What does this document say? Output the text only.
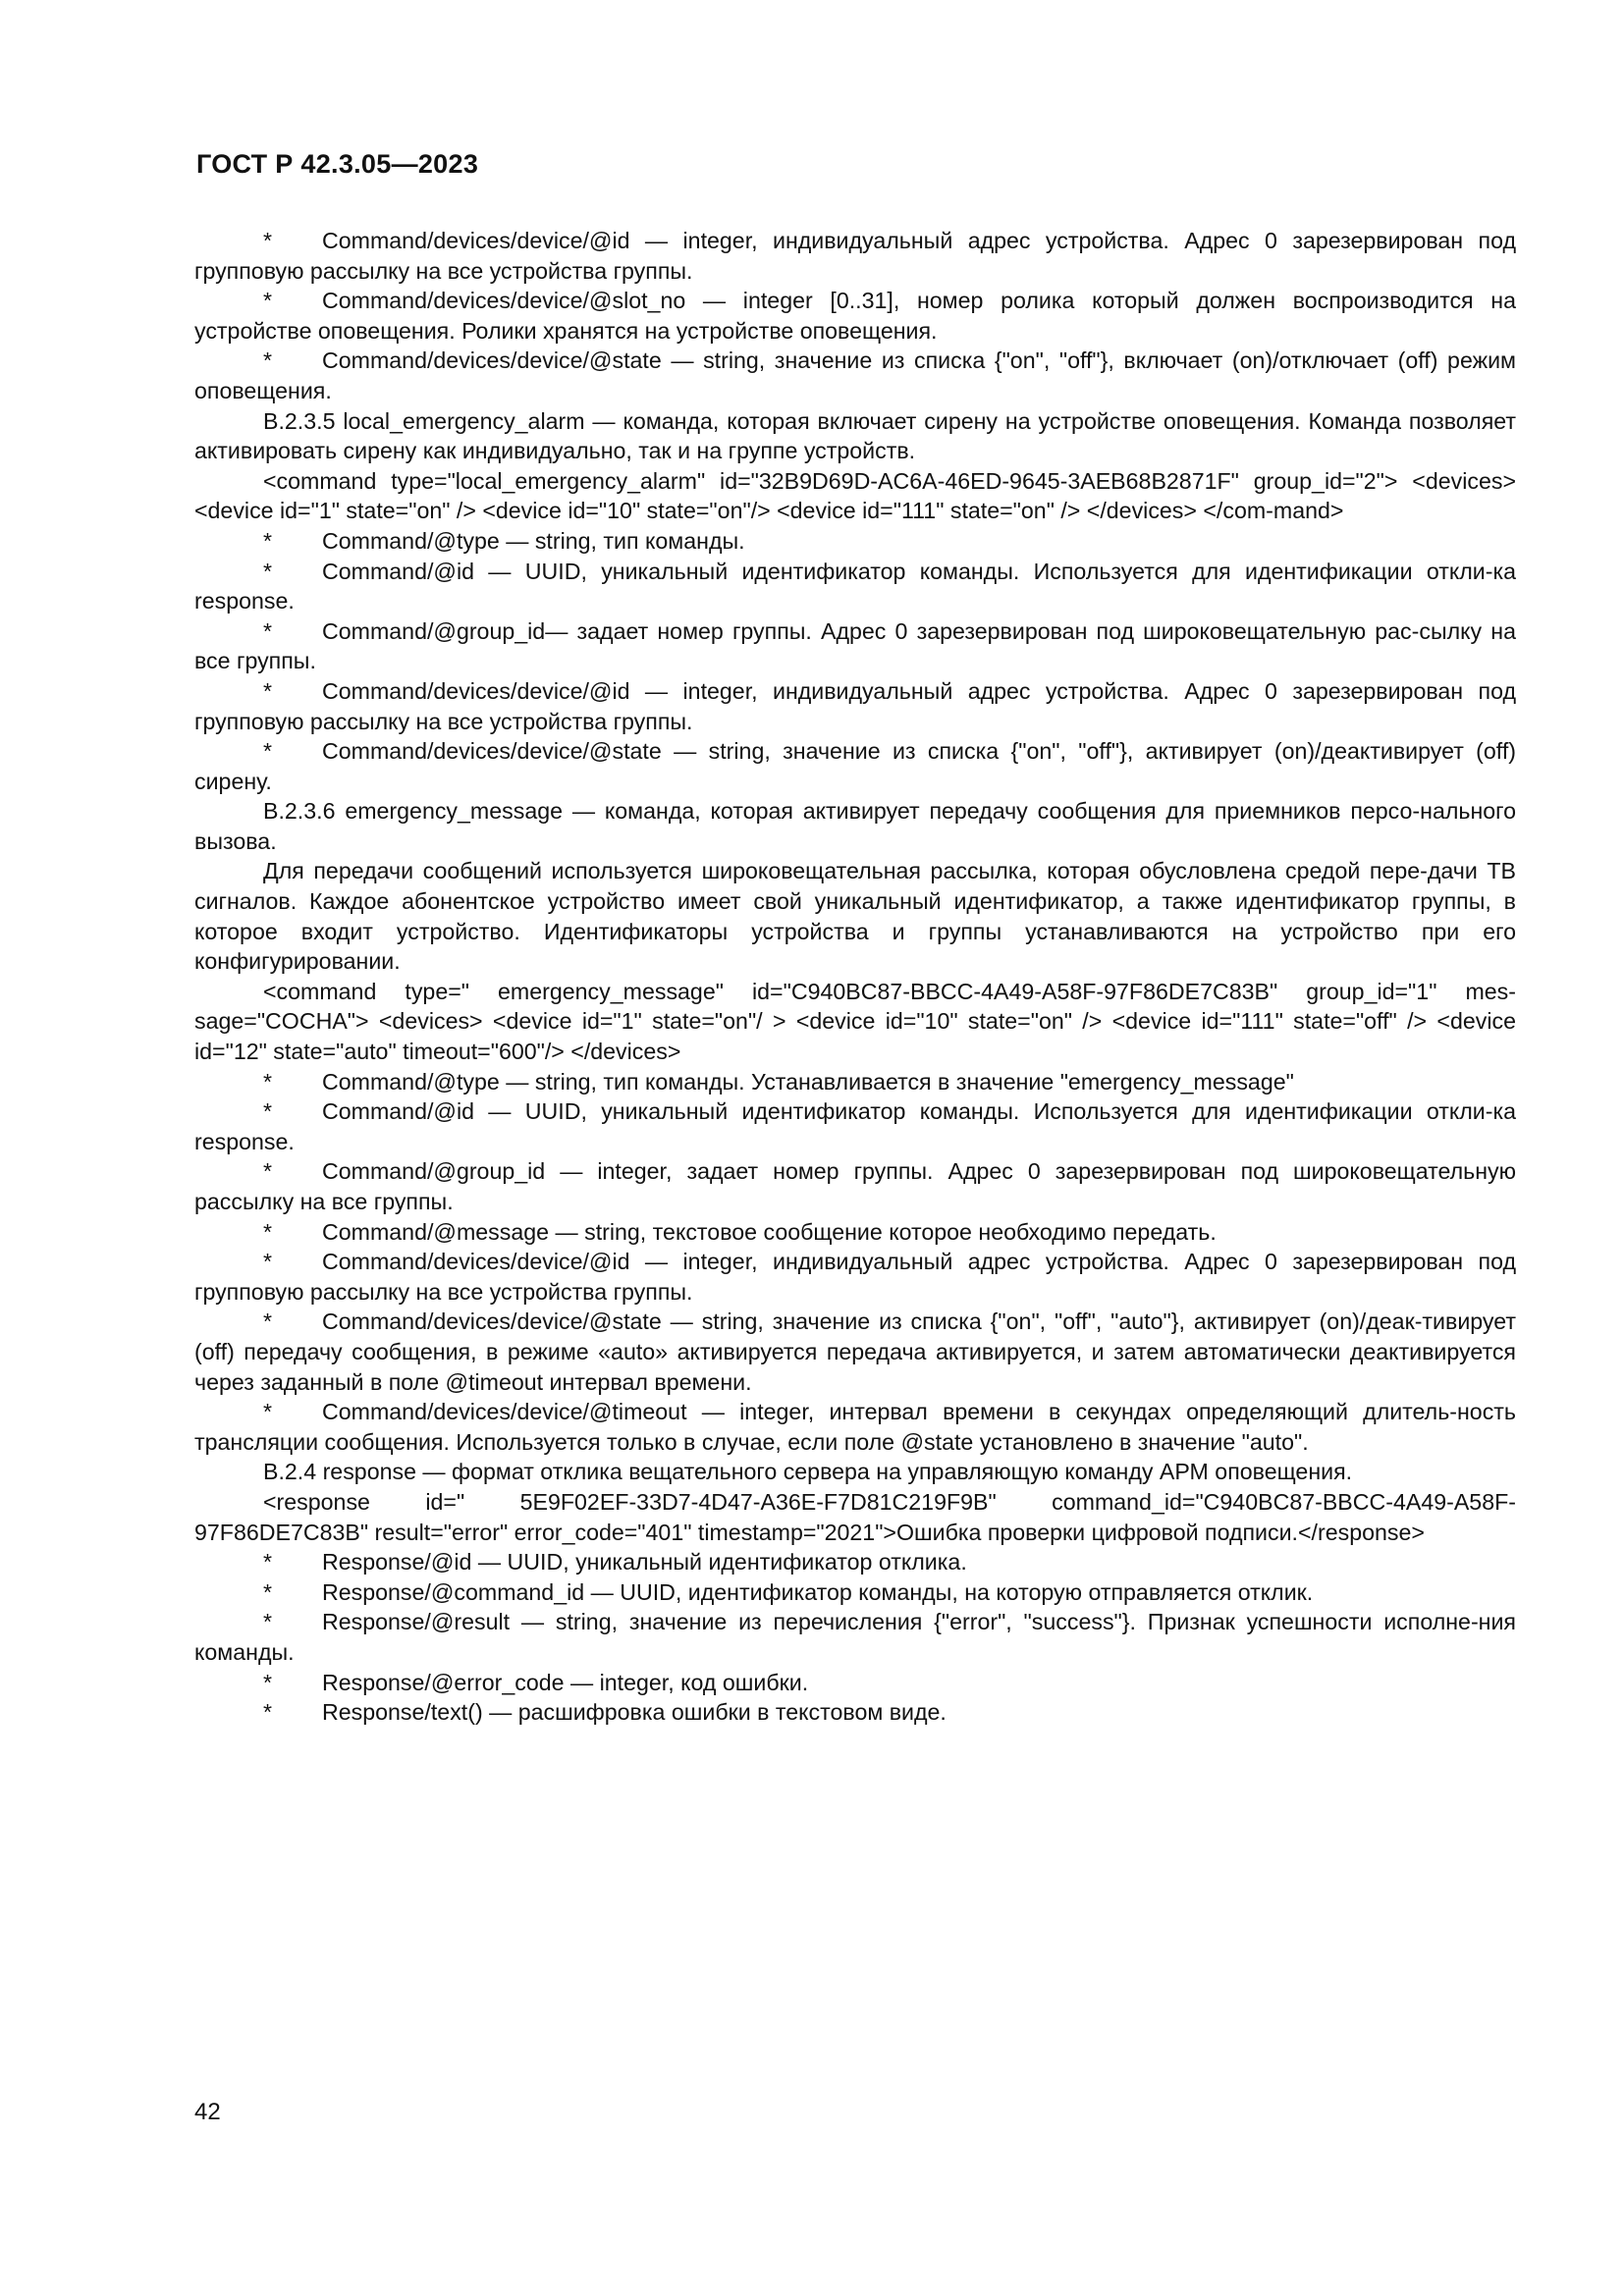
ГОСТ Р 42.3.05—2023

* Command/devices/device/@id — integer, индивидуальный адрес устройства. Адрес 0 зарезервирован под групповую рассылку на все устройства группы.

* Command/devices/device/@slot_no — integer [0..31], номер ролика который должен воспроизводится на устройстве оповещения. Ролики хранятся на устройстве оповещения.

* Command/devices/device/@state — string, значение из списка {"on", "off"}, включает (on)/отключает (off) режим оповещения.

B.2.3.5 local_emergency_alarm — команда, которая включает сирену на устройстве оповещения. Команда позволяет активировать сирену как индивидуально, так и на группе устройств.

<command type="local_emergency_alarm" id="32B9D69D-AC6A-46ED-9645-3AEB68B2871F" group_id="2"> <devices> <device id="1" state="on" /> <device id="10" state="on"/> <device id="111" state="on" /> </devices> </com-mand>

* Command/@type — string, тип команды.

* Command/@id — UUID, уникальный идентификатор команды. Используется для идентификации откли-ка response.

* Command/@group_id— задает номер группы. Адрес 0 зарезервирован под широковещательную рас-сылку на все группы.

* Command/devices/device/@id — integer, индивидуальный адрес устройства. Адрес 0 зарезервирован под групповую рассылку на все устройства группы.

* Command/devices/device/@state — string, значение из списка {"on", "off"}, активирует (on)/деактивирует (off) сирену.

B.2.3.6 emergency_message — команда, которая активирует передачу сообщения для приемников персо-нального вызова.

Для передачи сообщений используется широковещательная рассылка, которая обусловлена средой пере-дачи ТВ сигналов. Каждое абонентское устройство имеет свой уникальный идентификатор, а также идентификатор группы, в которое входит устройство. Идентификаторы устройства и группы устанавливаются на устройство при его конфигурировании.

<command type=" emergency_message" id="C940BC87-BBCC-4A49-A58F-97F86DE7C83B" group_id="1" mes-sage="COCHA"> <devices> <device id="1" state="on"/ > <device id="10" state="on" /> <device id="111" state="off" /> <device id="12" state="auto" timeout="600"/> </devices>

* Command/@type — string, тип команды. Устанавливается в значение "emergency_message"

* Command/@id — UUID, уникальный идентификатор команды. Используется для идентификации откли-ка response.

* Command/@group_id — integer, задает номер группы. Адрес 0 зарезервирован под широковещательную рассылку на все группы.

* Command/@message — string, текстовое сообщение которое необходимо передать.

* Command/devices/device/@id — integer, индивидуальный адрес устройства. Адрес 0 зарезервирован под групповую рассылку на все устройства группы.

* Command/devices/device/@state — string, значение из списка {"on", "off", "auto"}, активирует (on)/деак-тивирует (off) передачу сообщения, в режиме «auto» активируется передача активируется, и затем автоматически деактивируется через заданный в поле @timeout интервал времени.

* Command/devices/device/@timeout — integer, интервал времени в секундах определяющий длитель-ность трансляции сообщения. Используется только в случае, если поле @state установлено в значение "auto".

B.2.4 response — формат отклика вещательного сервера на управляющую команду АРМ оповещения.

<response id=" 5E9F02EF-33D7-4D47-A36E-F7D81C219F9B" command_id="C940BC87-BBCC-4A49-A58F-97F86DE7C83B" result="error" error_code="401" timestamp="2021">Ошибка проверки цифровой подписи.</response>

* Response/@id — UUID, уникальный идентификатор отклика.

* Response/@command_id — UUID, идентификатор команды, на которую отправляется отклик.

* Response/@result — string, значение из перечисления {"error", "success"}. Признак успешности исполне-ния команды.

* Response/@error_code — integer, код ошибки.

* Response/text() — расшифровка ошибки в текстовом виде.

42
